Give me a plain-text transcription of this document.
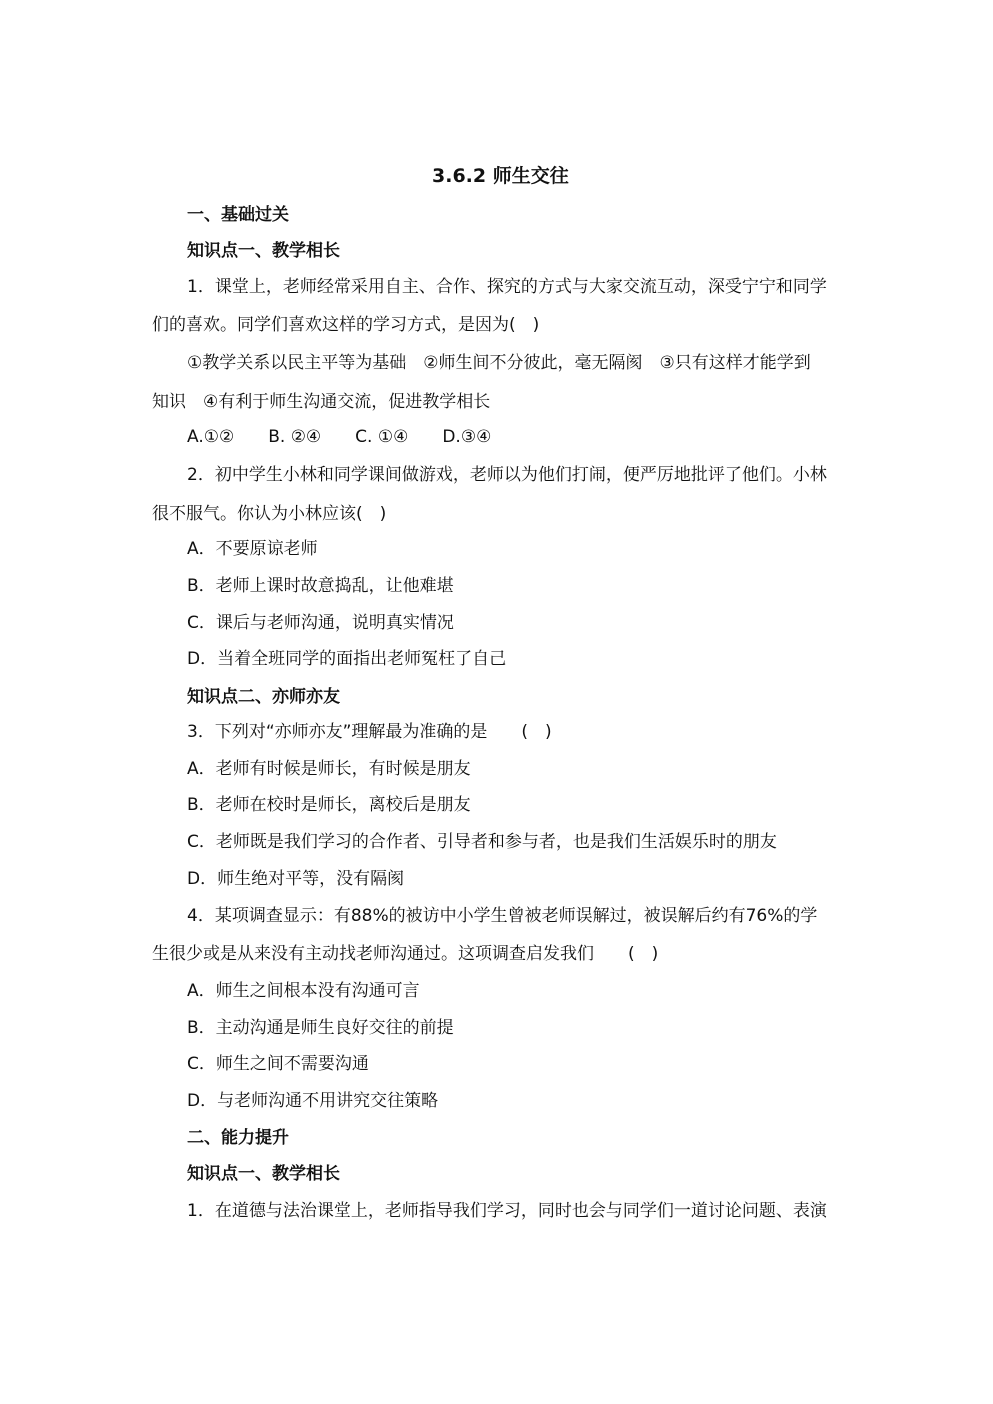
3.6.2 师生交往
一、基础过关
知识点一、教学相长
1．课堂上，老师经常采用自主、合作、探究的方式与大家交流互动，深受宁宁和同学
们的喜欢。同学们喜欢这样的学习方式，是因为(　)
①教学关系以民主平等为基础　②师生间不分彼此，毫无隔阂　③只有这样才能学到
知识　④有利于师生沟通交流，促进教学相长
A.①② B. ②④ C. ①④ D.③④
2．初中学生小林和同学课间做游戏，老师以为他们打闹，便严厉地批评了他们。小林
很不服气。你认为小林应该(　)
A．不要原谅老师
B．老师上课时故意捣乱，让他难堪
C．课后与老师沟通，说明真实情况
D．当着全班同学的面指出老师冤枉了自己
知识点二、亦师亦友
3．下列对“亦师亦友”理解最为准确的是　　(　)
A．老师有时候是师长，有时候是朋友
B．老师在校时是师长，离校后是朋友
C．老师既是我们学习的合作者、引导者和参与者，也是我们生活娱乐时的朋友
D．师生绝对平等，没有隔阂
4．某项调查显示：有88%的被访中小学生曾被老师误解过，被误解后约有76%的学
生很少或是从来没有主动找老师沟通过。这项调查启发我们　　(　)
A．师生之间根本没有沟通可言
B．主动沟通是师生良好交往的前提
C．师生之间不需要沟通
D．与老师沟通不用讲究交往策略
二、能力提升
知识点一、教学相长
1．在道德与法治课堂上，老师指导我们学习，同时也会与同学们一道讨论问题、表演
